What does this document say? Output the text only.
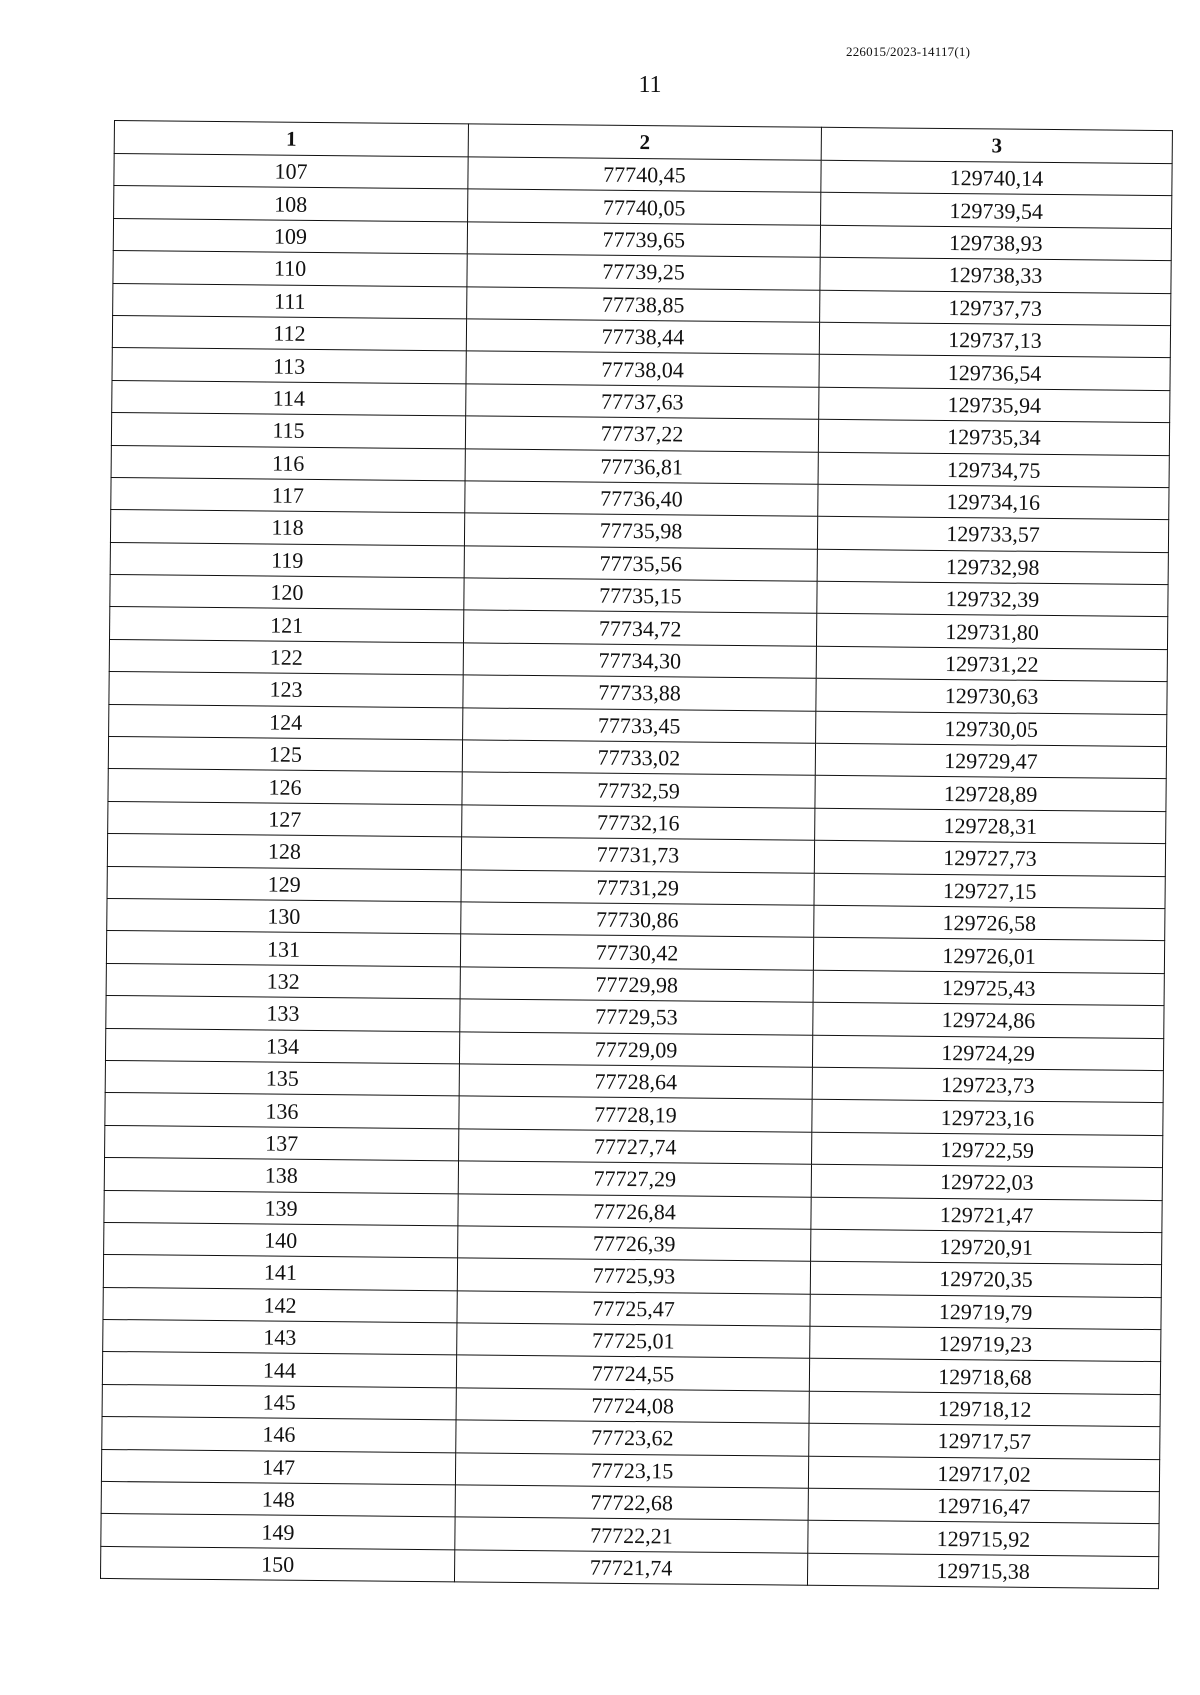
226015/2023-14117(1)
11
1	2	3
107	77740,45	129740,14
108	77740,05	129739,54
109	77739,65	129738,93
110	77739,25	129738,33
111	77738,85	129737,73
112	77738,44	129737,13
113	77738,04	129736,54
114	77737,63	129735,94
115	77737,22	129735,34
116	77736,81	129734,75
117	77736,40	129734,16
118	77735,98	129733,57
119	77735,56	129732,98
120	77735,15	129732,39
121	77734,72	129731,80
122	77734,30	129731,22
123	77733,88	129730,63
124	77733,45	129730,05
125	77733,02	129729,47
126	77732,59	129728,89
127	77732,16	129728,31
128	77731,73	129727,73
129	77731,29	129727,15
130	77730,86	129726,58
131	77730,42	129726,01
132	77729,98	129725,43
133	77729,53	129724,86
134	77729,09	129724,29
135	77728,64	129723,73
136	77728,19	129723,16
137	77727,74	129722,59
138	77727,29	129722,03
139	77726,84	129721,47
140	77726,39	129720,91
141	77725,93	129720,35
142	77725,47	129719,79
143	77725,01	129719,23
144	77724,55	129718,68
145	77724,08	129718,12
146	77723,62	129717,57
147	77723,15	129717,02
148	77722,68	129716,47
149	77722,21	129715,92
150	77721,74	129715,38
